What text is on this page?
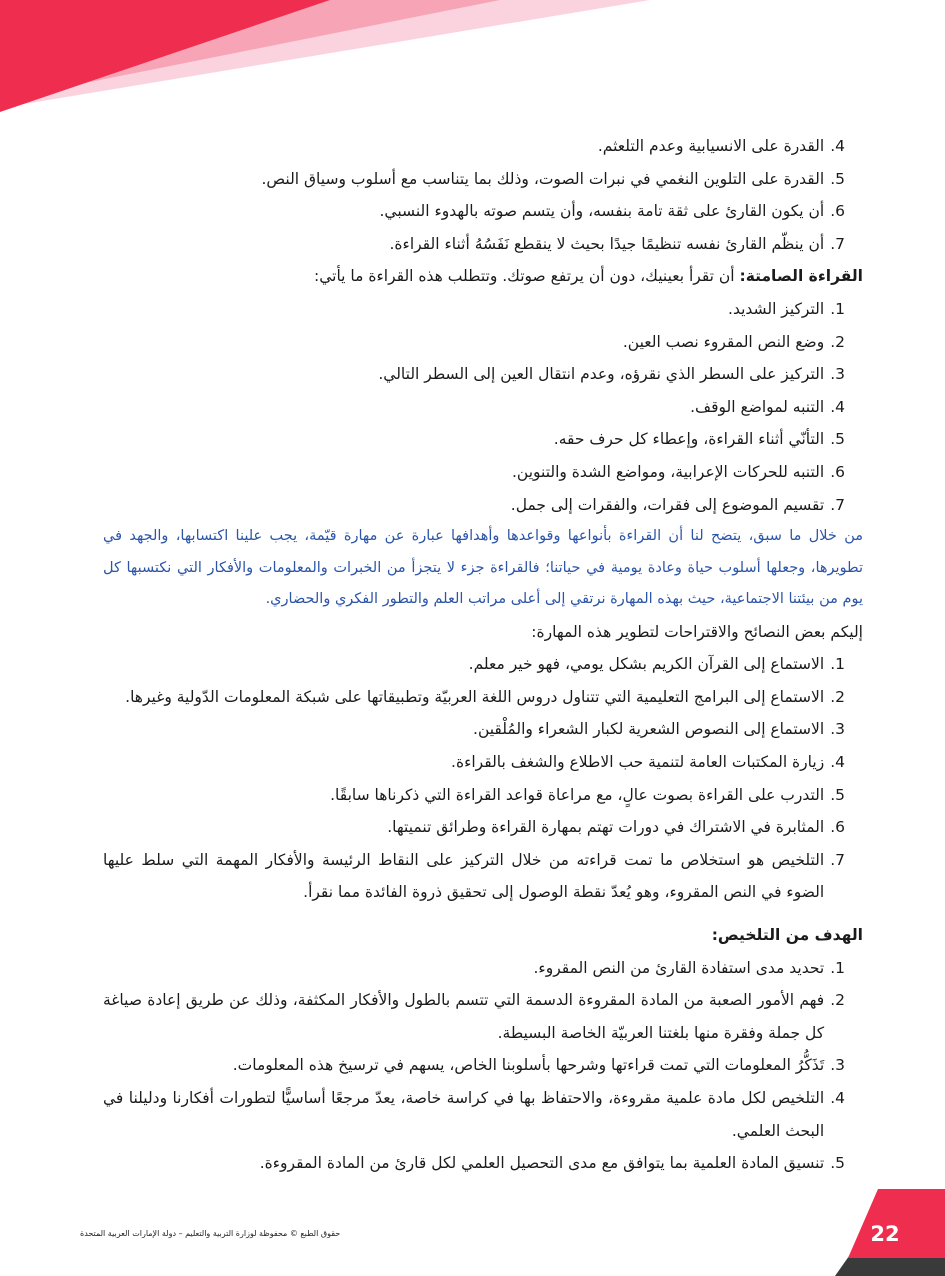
4.
القدرة على الانسيابية وعدم التلعثم.
5.
القدرة على التلوين النغمي في نبرات الصوت، وذلك بما يتناسب مع أسلوب وسياق النص.
6.
أن يكون القارئ على ثقة تامة بنفسه، وأن يتسم صوته بالهدوء النسبي.
7.
أن ينظّم القارئ نفسه تنظيمًا جيدًا بحيث لا ينقطع نَفَسُهُ أثناء القراءة.
القراءة الصامتة: أن تقرأ بعينيك، دون أن يرتفع صوتك. وتتطلب هذه القراءة ما يأتي:
1.
التركيز الشديد.
2.
وضع النص المقروء نصب العين.
3.
التركيز على السطر الذي نقرؤه، وعدم انتقال العين إلى السطر التالي.
4.
التنبه لمواضع الوقف.
5.
التأنّي أثناء القراءة، وإعطاء كل حرف حقه.
6.
التنبه للحركات الإعرابية، ومواضع الشدة والتنوين.
7.
تقسيم الموضوع إلى فقرات، والفقرات إلى جمل.
من خلال ما سبق، يتضح لنا أن القراءة بأنواعها وقواعدها وأهدافها عبارة عن مهارة قيّمة، يجب علينا اكتسابها، والجهد في تطويرها، وجعلها أسلوب حياة وعادة يومية في حياتنا؛ فالقراءة جزء لا يتجزأ من الخبرات والمعلومات والأفكار التي نكتسبها كل يوم من بيئتنا الاجتماعية، حيث بهذه المهارة نرتقي إلى أعلى مراتب العلم والتطور الفكري والحضاري.
إليكم بعض النصائح والاقتراحات لتطوير هذه المهارة:
1.
الاستماع إلى القرآن الكريم بشكل يومي، فهو خير معلم.
2.
الاستماع إلى البرامج التعليمية التي تتناول دروس اللغة العربيّة وتطبيقاتها على شبكة المعلومات الدّولية وغيرها.
3.
الاستماع إلى النصوص الشعرية لكبار الشعراء والمُلْقين.
4.
زيارة المكتبات العامة لتنمية حب الاطلاع والشغف بالقراءة.
5.
التدرب على القراءة بصوت عالٍ، مع مراعاة قواعد القراءة التي ذكرناها سابقًا.
6.
المثابرة في الاشتراك في دورات تهتم بمهارة القراءة وطرائق تنميتها.
7.
التلخيص هو استخلاص ما تمت قراءته من خلال التركيز على النقاط الرئيسة والأفكار المهمة التي سلط عليها الضوء في النص المقروء، وهو يُعدّ نقطة الوصول إلى تحقيق ذروة الفائدة مما نقرأ.
الهدف من التلخيص:
1.
تحديد مدى استفادة القارئ من النص المقروء.
2.
فهم الأمور الصعبة من المادة المقروءة الدسمة التي تتسم بالطول والأفكار المكثفة، وذلك عن طريق إعادة صياغة كل جملة وفقرة منها بلغتنا العربيّة الخاصة البسيطة.
3.
تَذَكُّرُ المعلومات التي تمت قراءتها وشرحها بأسلوبنا الخاص، يسهم في ترسيخ هذه المعلومات.
4.
التلخيص لكل مادة علمية مقروءة، والاحتفاظ بها في كراسة خاصة، يعدّ مرجعًا أساسيًّا لتطورات أفكارنا ودليلنا في البحث العلمي.
5.
تنسيق المادة العلمية بما يتوافق مع مدى التحصيل العلمي لكل قارئ من المادة المقروءة.
22
حقوق الطبع © محفوظة لوزارة التربية والتعليم – دولة الإمارات العربية المتحدة
